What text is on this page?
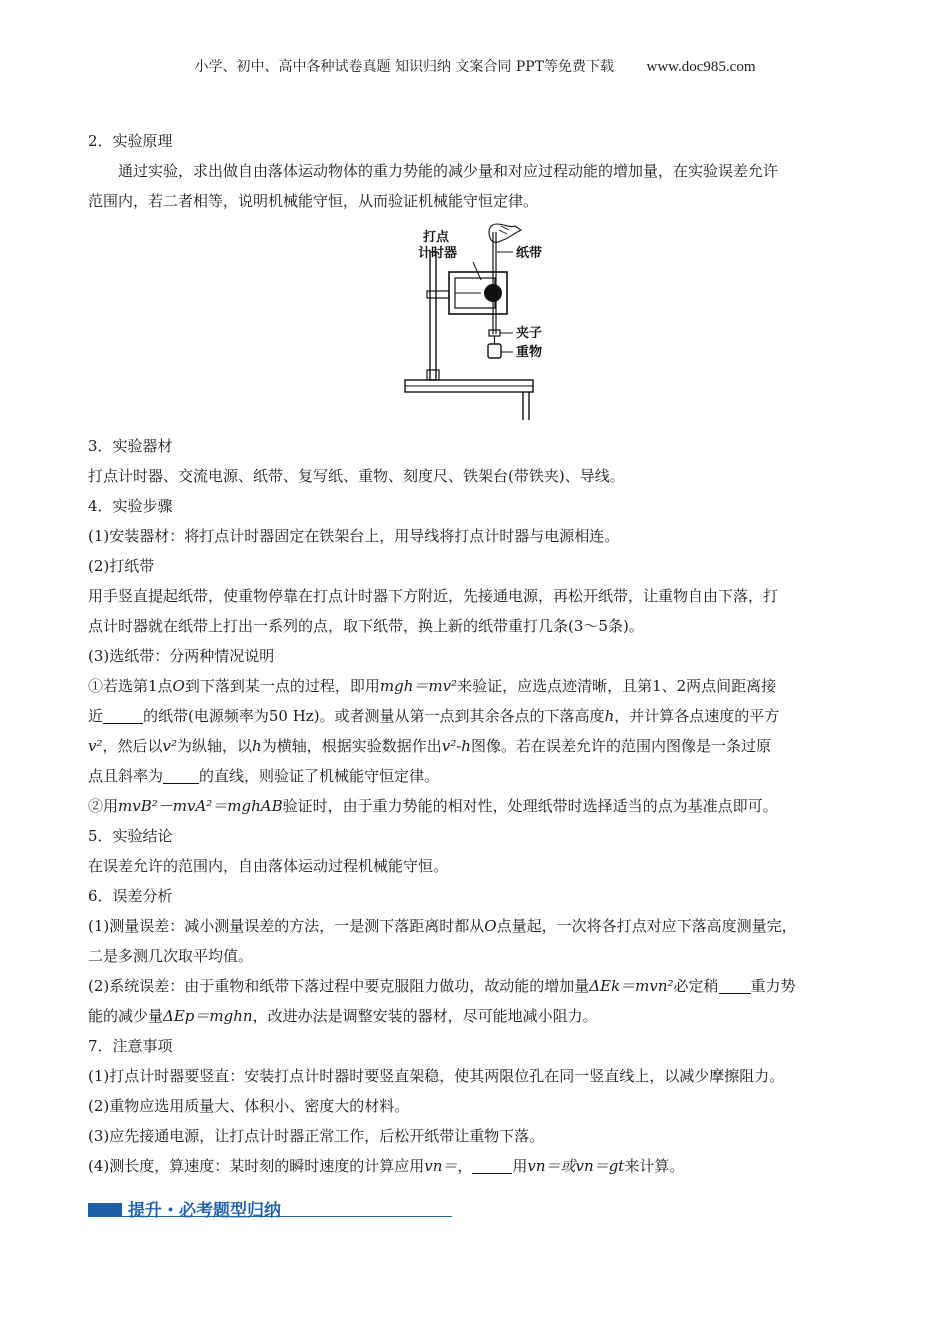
小学、初中、高中各种试卷真题 知识归纳 文案合同 PPT等免费下载 www.doc985.com
2．实验原理
通过实验，求出做自由落体运动物体的重力势能的减少量和对应过程动能的增加量，在实验误差允许
范围内，若二者相等，说明机械能守恒，从而验证机械能守恒定律。
打点
计时器	纸带
夹子
重物
3．实验器材
打点计时器、交流电源、纸带、复写纸、重物、刻度尺、铁架台(带铁夹)、导线。
4．实验步骤
(1)安装器材：将打点计时器固定在铁架台上，用导线将打点计时器与电源相连。
(2)打纸带
用手竖直提起纸带，使重物停靠在打点计时器下方附近，先接通电源，再松开纸带，让重物自由下落，打
点计时器就在纸带上打出一系列的点，取下纸带，换上新的纸带重打几条(3～5条)。
(3)选纸带：分两种情况说明
①若选第1点O到下落到某一点的过程，即用mgh＝mv²来验证，应选点迹清晰，且第1、2两点间距离接
近	的纸带(电源频率为50 Hz)。或者测量从第一点到其余各点的下落高度h，并计算各点速度的平方
v²，然后以v²为纵轴，以h为横轴，根据实验数据作出v²-h图像。若在误差允许的范围内图像是一条过原
点且斜率为 的直线，则验证了机械能守恒定律。
②用mvB²－mvA²＝mghAB验证时，由于重力势能的相对性，处理纸带时选择适当的点为基准点即可。
5．实验结论
在误差允许的范围内，自由落体运动过程机械能守恒。
6．误差分析
(1)测量误差：减小测量误差的方法，一是测下落距离时都从O点量起，一次将各打点对应下落高度测量完，
二是多测几次取平均值。
(2)系统误差：由于重物和纸带下落过程中要克服阻力做功，故动能的增加量ΔEk＝mvn²必定稍 重力势
能的减少量ΔEp＝mghn，改进办法是调整安装的器材，尽可能地减小阻力。
7．注意事项
(1)打点计时器要竖直：安装打点计时器时要竖直架稳，使其两限位孔在同一竖直线上，以减少摩擦阻力。
(2)重物应选用质量大、体积小、密度大的材料。
(3)应先接通电源，让打点计时器正常工作，后松开纸带让重物下落。
(4)测长度，算速度：某时刻的瞬时速度的计算应用vn＝，	用vn＝或vn＝gt来计算。
提升・必考题型归纳
